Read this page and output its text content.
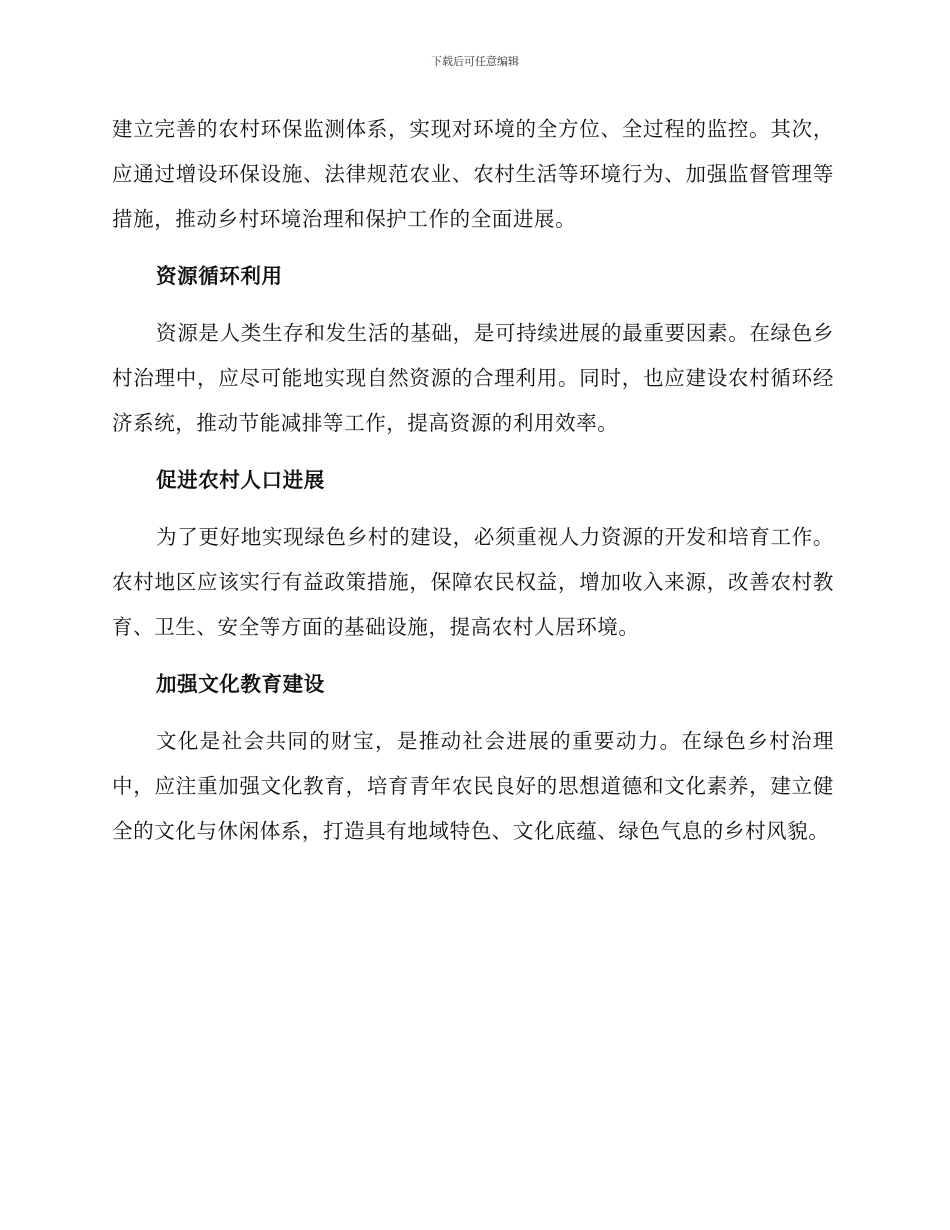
下载后可任意编辑

建立完善的农村环保监测体系，实现对环境的全方位、全过程的监控。其次，应通过增设环保设施、法律规范农业、农村生活等环境行为、加强监督管理等措施，推动乡村环境治理和保护工作的全面进展。

资源循环利用

资源是人类生存和发生活的基础，是可持续进展的最重要因素。在绿色乡村治理中，应尽可能地实现自然资源的合理利用。同时，也应建设农村循环经济系统，推动节能减排等工作，提高资源的利用效率。

促进农村人口进展

为了更好地实现绿色乡村的建设，必须重视人力资源的开发和培育工作。农村地区应该实行有益政策措施，保障农民权益，增加收入来源，改善农村教育、卫生、安全等方面的基础设施，提高农村人居环境。

加强文化教育建设

文化是社会共同的财宝，是推动社会进展的重要动力。在绿色乡村治理中，应注重加强文化教育，培育青年农民良好的思想道德和文化素养，建立健全的文化与休闲体系，打造具有地域特色、文化底蕴、绿色气息的乡村风貌。
